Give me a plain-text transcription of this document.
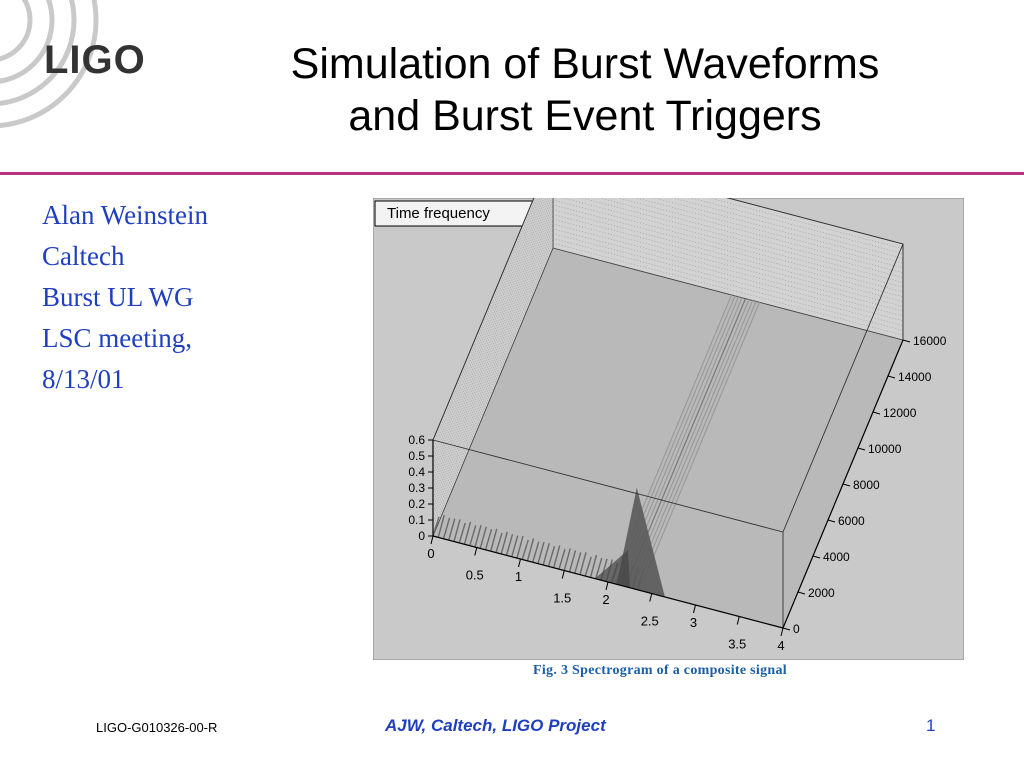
LIGO	Simulation of Burst Waveforms
and Burst Event Triggers
Alan Weinstein
Caltech
Burst UL WG
LSC meeting,
8/13/01
Time frequency
0
0.1
0.2
0.3
0.4
0.5
0.6
0
0.5 1
1.5 2
2.5 3
3.5 4
0
2000
4000
6000
8000
10000
12000
14000
16000
Fig. 3 Spectrogram of a composite signal
LIGO-G010326-00-R	AJW, Caltech, LIGO Project	1
